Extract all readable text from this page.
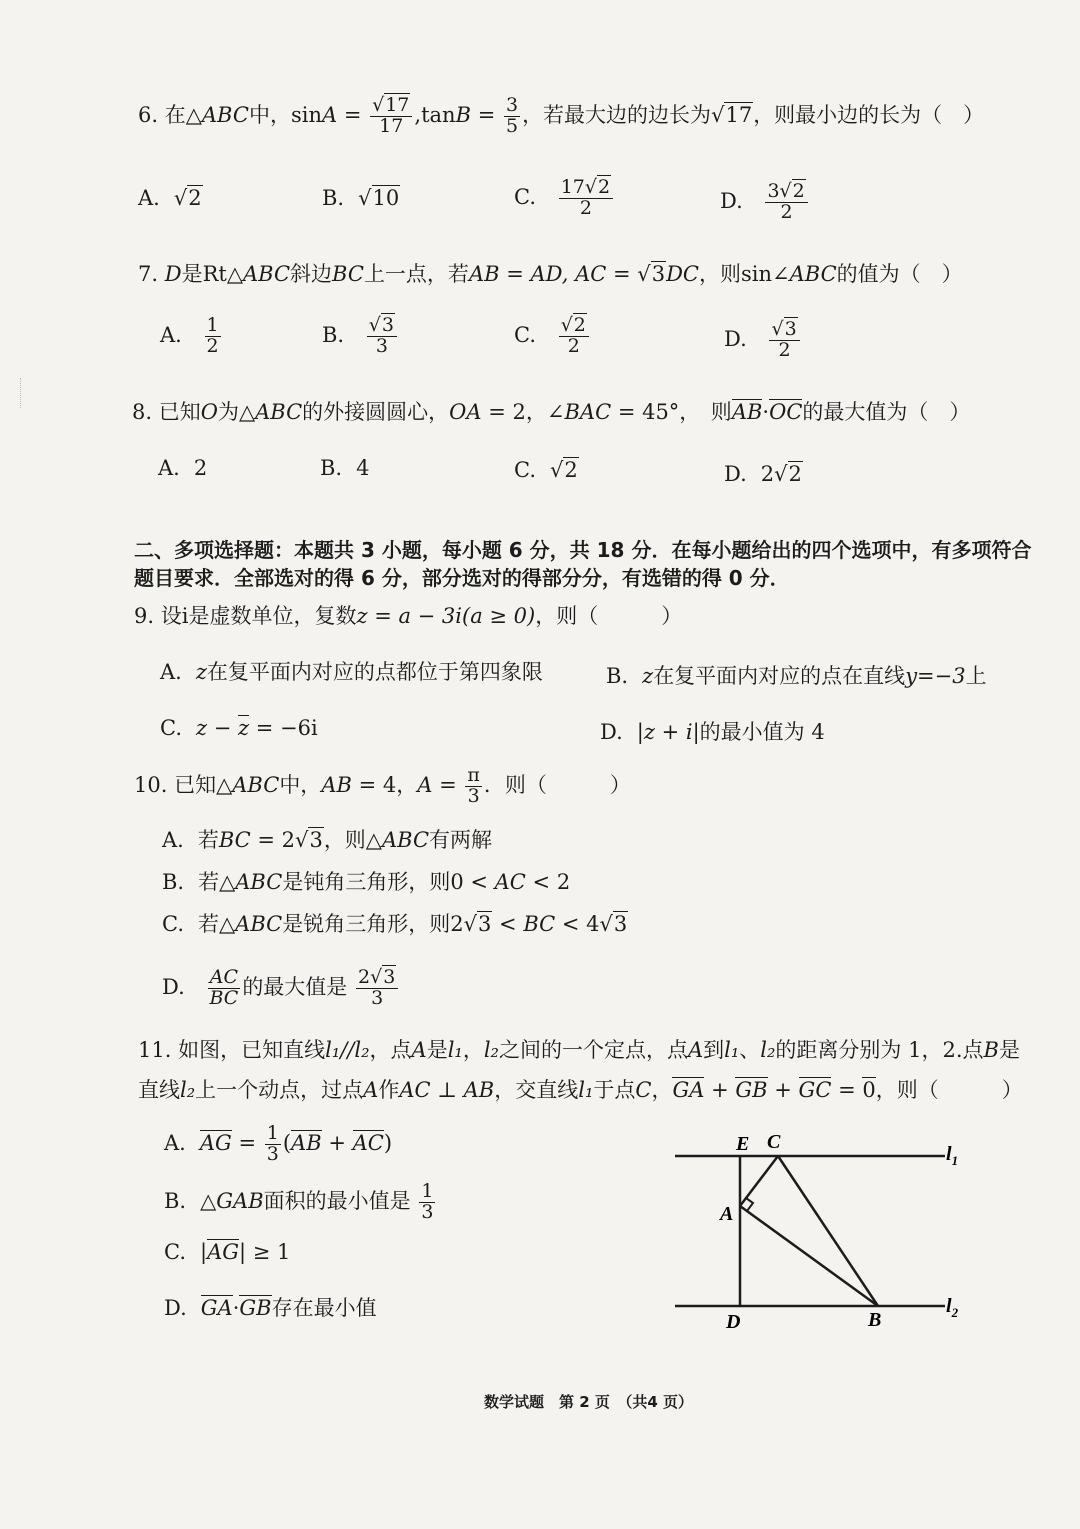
6. 在△ABC中，$\sin A = \frac{√17}{17} ,\tan B = \frac{3}{5}$ ，若最大边的边长为√17，则最小边的长为（　）
A. √2	B. √10	C. $\frac{17√2}{2}$	D. $\frac{3√2}{2}$
7. D是Rt△ABC斜边BC上一点，若AB = AD, AC = √3DC，则sin∠ABC的值为（　）
A. $\frac{1}{2}$	B. $\frac{√3}{3}$	C. $\frac{√2}{2}$	D. $\frac{√3}{2}$
8. 已知O为△ABC的外接圆圆心，OA = 2，∠BAC = 45°，　则AB·OC的最大值为（　）
A. 2	B. 4	C. √2	D. 2√2
二、多项选择题：本题共 3 小题，每小题 6 分，共 18 分．在每小题给出的四个选项中，有多项符合
题目要求．全部选对的得 6 分，部分选对的得部分分，有选错的得 0 分．
9. 设i是虚数单位，复数z = a − 3i(a ≥ 0)，则（　　　）
A. z在复平面内对应的点都位于第四象限	B. z在复平面内对应的点在直线y=−3上
C. z − z = −6i	D. |z + i|的最小值为 4
10. 已知△ABC中，AB = 4，$A = \frac{\pi}{3}$ ．则（　　　）
A. 若BC = 2√3，则△ABC有两解
B. 若△ABC是钝角三角形，则0 < AC < 2
C. 若△ABC是锐角三角形，则2√3 < BC < 4√3
D. $\frac{AC}{BC}$ 的最大值是 $\frac{2√3}{3}$
11. 如图，已知直线l₁//l₂，点A是l₁，l₂之间的一个定点，点A到l₁、l₂的距离分别为 1，2.点B是
直线l₂上一个动点，过点A作AC ⊥ AB，交直线l₁于点C，GA + GB + GC = 0，则（　　　）
A. AG = $\frac{1}{3} (AB + AC)$
B. △GAB面积的最小值是 $\frac{1}{3}$
C. |AG| ≥ 1
D. GA·GB存在最小值
E C
A
D	B
$l_1$
$l_2$
数学试题　第 2 页　（共4 页）
